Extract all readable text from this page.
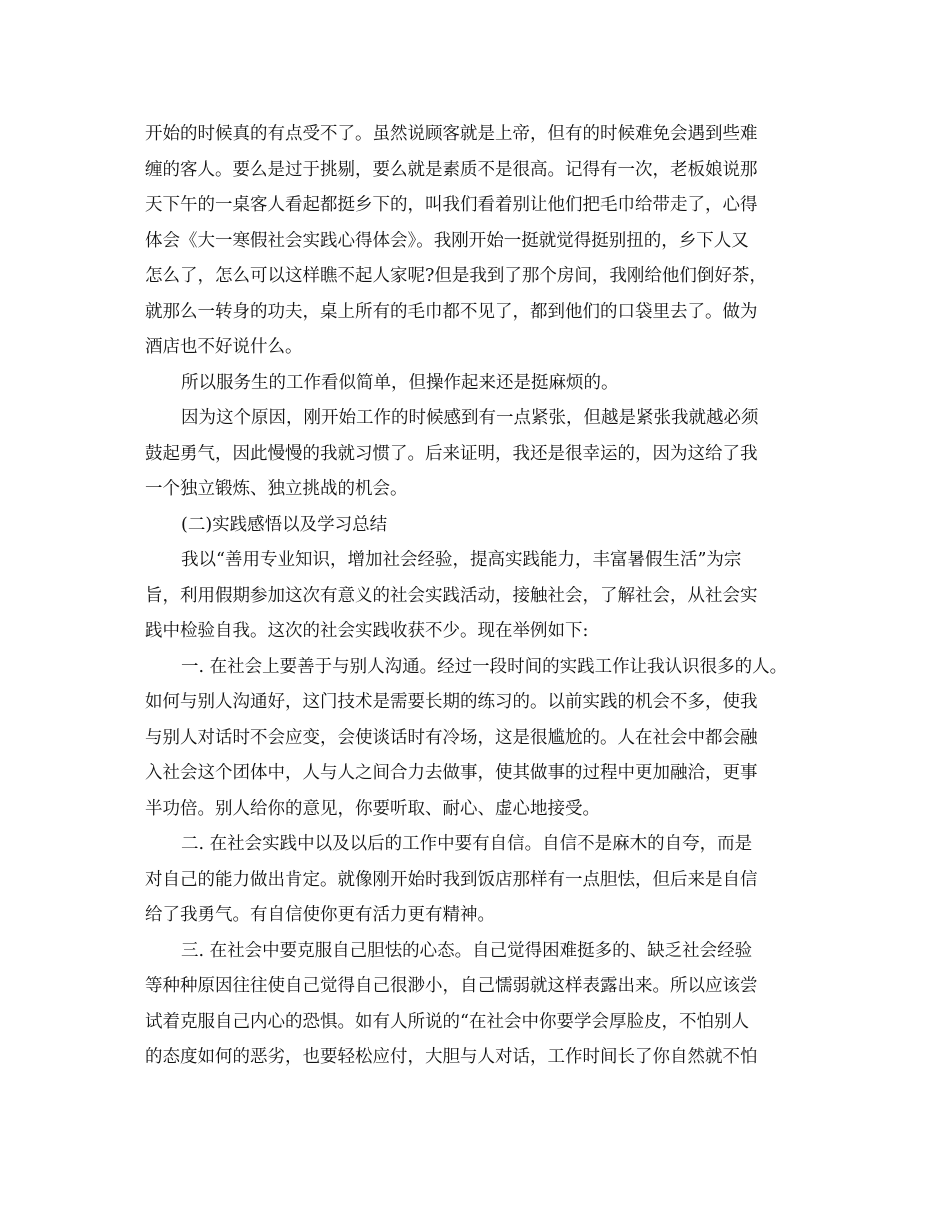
开始的时候真的有点受不了。虽然说顾客就是上帝，但有的时候难免会遇到些难
缠的客人。要么是过于挑剔，要么就是素质不是很高。记得有一次，老板娘说那
天下午的一桌客人看起都挺乡下的，叫我们看着别让他们把毛巾给带走了，心得
体会《大一寒假社会实践心得体会》。我刚开始一挺就觉得挺别扭的，乡下人又
怎么了，怎么可以这样瞧不起人家呢?但是我到了那个房间，我刚给他们倒好茶，
就那么一转身的功夫，桌上所有的毛巾都不见了，都到他们的口袋里去了。做为
酒店也不好说什么。
所以服务生的工作看似简单，但操作起来还是挺麻烦的。
因为这个原因，刚开始工作的时候感到有一点紧张，但越是紧张我就越必须
鼓起勇气，因此慢慢的我就习惯了。后来证明，我还是很幸运的，因为这给了我
一个独立锻炼、独立挑战的机会。
(二)实践感悟以及学习总结
我以“善用专业知识，增加社会经验，提高实践能力，丰富暑假生活”为宗
旨，利用假期参加这次有意义的社会实践活动，接触社会，了解社会，从社会实
践中检验自我。这次的社会实践收获不少。现在举例如下:
一. 在社会上要善于与别人沟通。经过一段时间的实践工作让我认识很多的人。
如何与别人沟通好，这门技术是需要长期的练习的。以前实践的机会不多，使我
与别人对话时不会应变，会使谈话时有冷场，这是很尴尬的。人在社会中都会融
入社会这个团体中，人与人之间合力去做事，使其做事的过程中更加融洽，更事
半功倍。别人给你的意见，你要听取、耐心、虚心地接受。
二. 在社会实践中以及以后的工作中要有自信。自信不是麻木的自夸，而是
对自己的能力做出肯定。就像刚开始时我到饭店那样有一点胆怯，但后来是自信
给了我勇气。有自信使你更有活力更有精神。
三. 在社会中要克服自己胆怯的心态。自己觉得困难挺多的、缺乏社会经验
等种种原因往往使自己觉得自己很渺小，自己懦弱就这样表露出来。所以应该尝
试着克服自己内心的恐惧。如有人所说的“在社会中你要学会厚脸皮，不怕别人
的态度如何的恶劣，也要轻松应付，大胆与人对话，工作时间长了你自然就不怕
